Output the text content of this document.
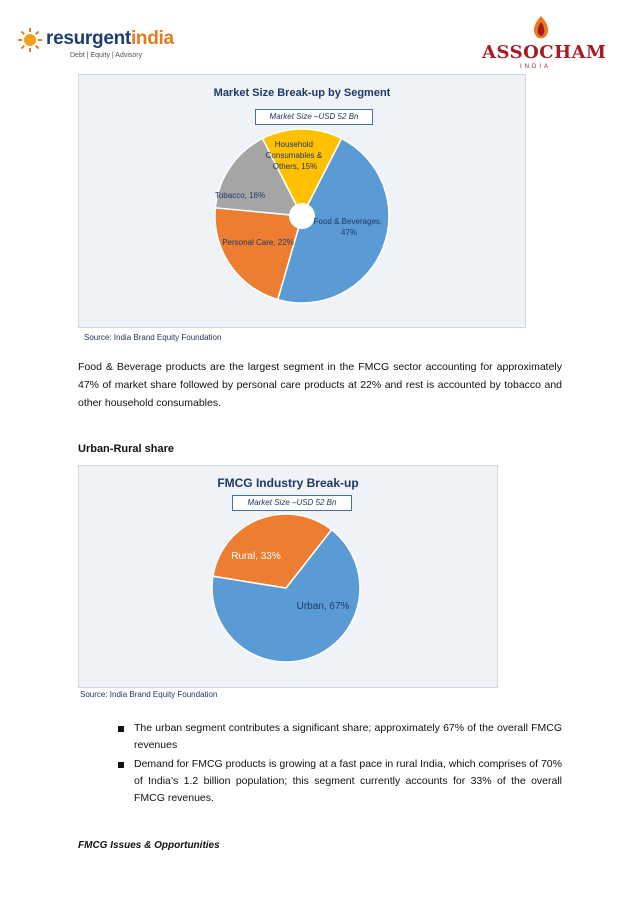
resurgentindia
Debt | Equity | Advisory	ASSOCHAM
INDIA
Market Size Break-up by Segment
Market Size –USD 52 Bn
Food & Beverages, 47%
Personal Care, 22%
Tobacco, 16%
Household Consumables & Others, 15%
Source: India Brand Equity Foundation
Food & Beverage products are the largest segment in the FMCG sector accounting for approximately 47% of market share followed by personal care products at 22% and rest is accounted by tobacco and other household consumables.
Urban-Rural share
FMCG Industry Break-up
Market Size –USD 52 Bn
Rural, 33%
Urban, 67%
Source: India Brand Equity Foundation
The urban segment contributes a significant share; approximately 67% of the overall FMCG revenues
Demand for FMCG products is growing at a fast pace in rural India, which comprises of 70% of India’s 1.2 billion population; this segment currently accounts for 33% of the overall FMCG revenues.
FMCG Issues & Opportunities
